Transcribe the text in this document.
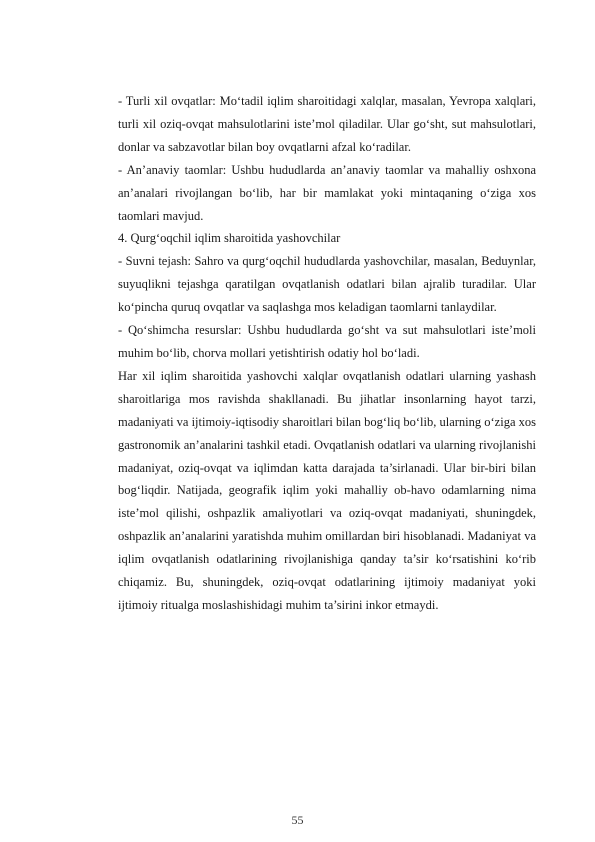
- Turli xil ovqatlar: Mo‘tadil iqlim sharoitidagi xalqlar, masalan, Yevropa xalqlari, turli xil oziq-ovqat mahsulotlarini iste’mol qiladilar. Ular go‘sht, sut mahsulotlari, donlar va sabzavotlar bilan boy ovqatlarni afzal ko‘radilar.

- An’anaviy taomlar: Ushbu hududlarda an’anaviy taomlar va mahalliy oshxona an’analari rivojlangan bo‘lib, har bir mamlakat yoki mintaqaning o‘ziga xos taomlari mavjud.

4. Qurg‘oqchil iqlim sharoitida yashovchilar

- Suvni tejash: Sahro va qurg‘oqchil hududlarda yashovchilar, masalan, Beduynlar, suyuqlikni tejashga qaratilgan ovqatlanish odatlari bilan ajralib turadilar. Ular ko‘pincha quruq ovqatlar va saqlashga mos keladigan taomlarni tanlaydilar.

- Qo‘shimcha resurslar: Ushbu hududlarda go‘sht va sut mahsulotlari iste’moli muhim bo‘lib, chorva mollari yetishtirish odatiy hol bo‘ladi.

Har xil iqlim sharoitida yashovchi xalqlar ovqatlanish odatlari ularning yashash sharoitlariga mos ravishda shakllanadi. Bu jihatlar insonlarning hayot tarzi, madaniyati va ijtimoiy-iqtisodiy sharoitlari bilan bog‘liq bo‘lib, ularning o‘ziga xos gastronomik an’analarini tashkil etadi. Ovqatlanish odatlari va ularning rivojlanishi madaniyat, oziq-ovqat va iqlimdan katta darajada ta’sirlanadi. Ular bir-biri bilan bog‘liqdir. Natijada, geografik iqlim yoki mahalliy ob-havo odamlarning nima iste’mol qilishi, oshpazlik amaliyotlari va oziq-ovqat madaniyati, shuningdek, oshpazlik an’analarini yaratishda muhim omillardan biri hisoblanadi. Madaniyat va iqlim ovqatlanish odatlarining rivojlanishiga qanday ta’sir ko‘rsatishini ko‘rib chiqamiz. Bu, shuningdek, oziq-ovqat odatlarining ijtimoiy madaniyat yoki ijtimoiy ritualga moslashishidagi muhim ta’sirini inkor etmaydi.

55
